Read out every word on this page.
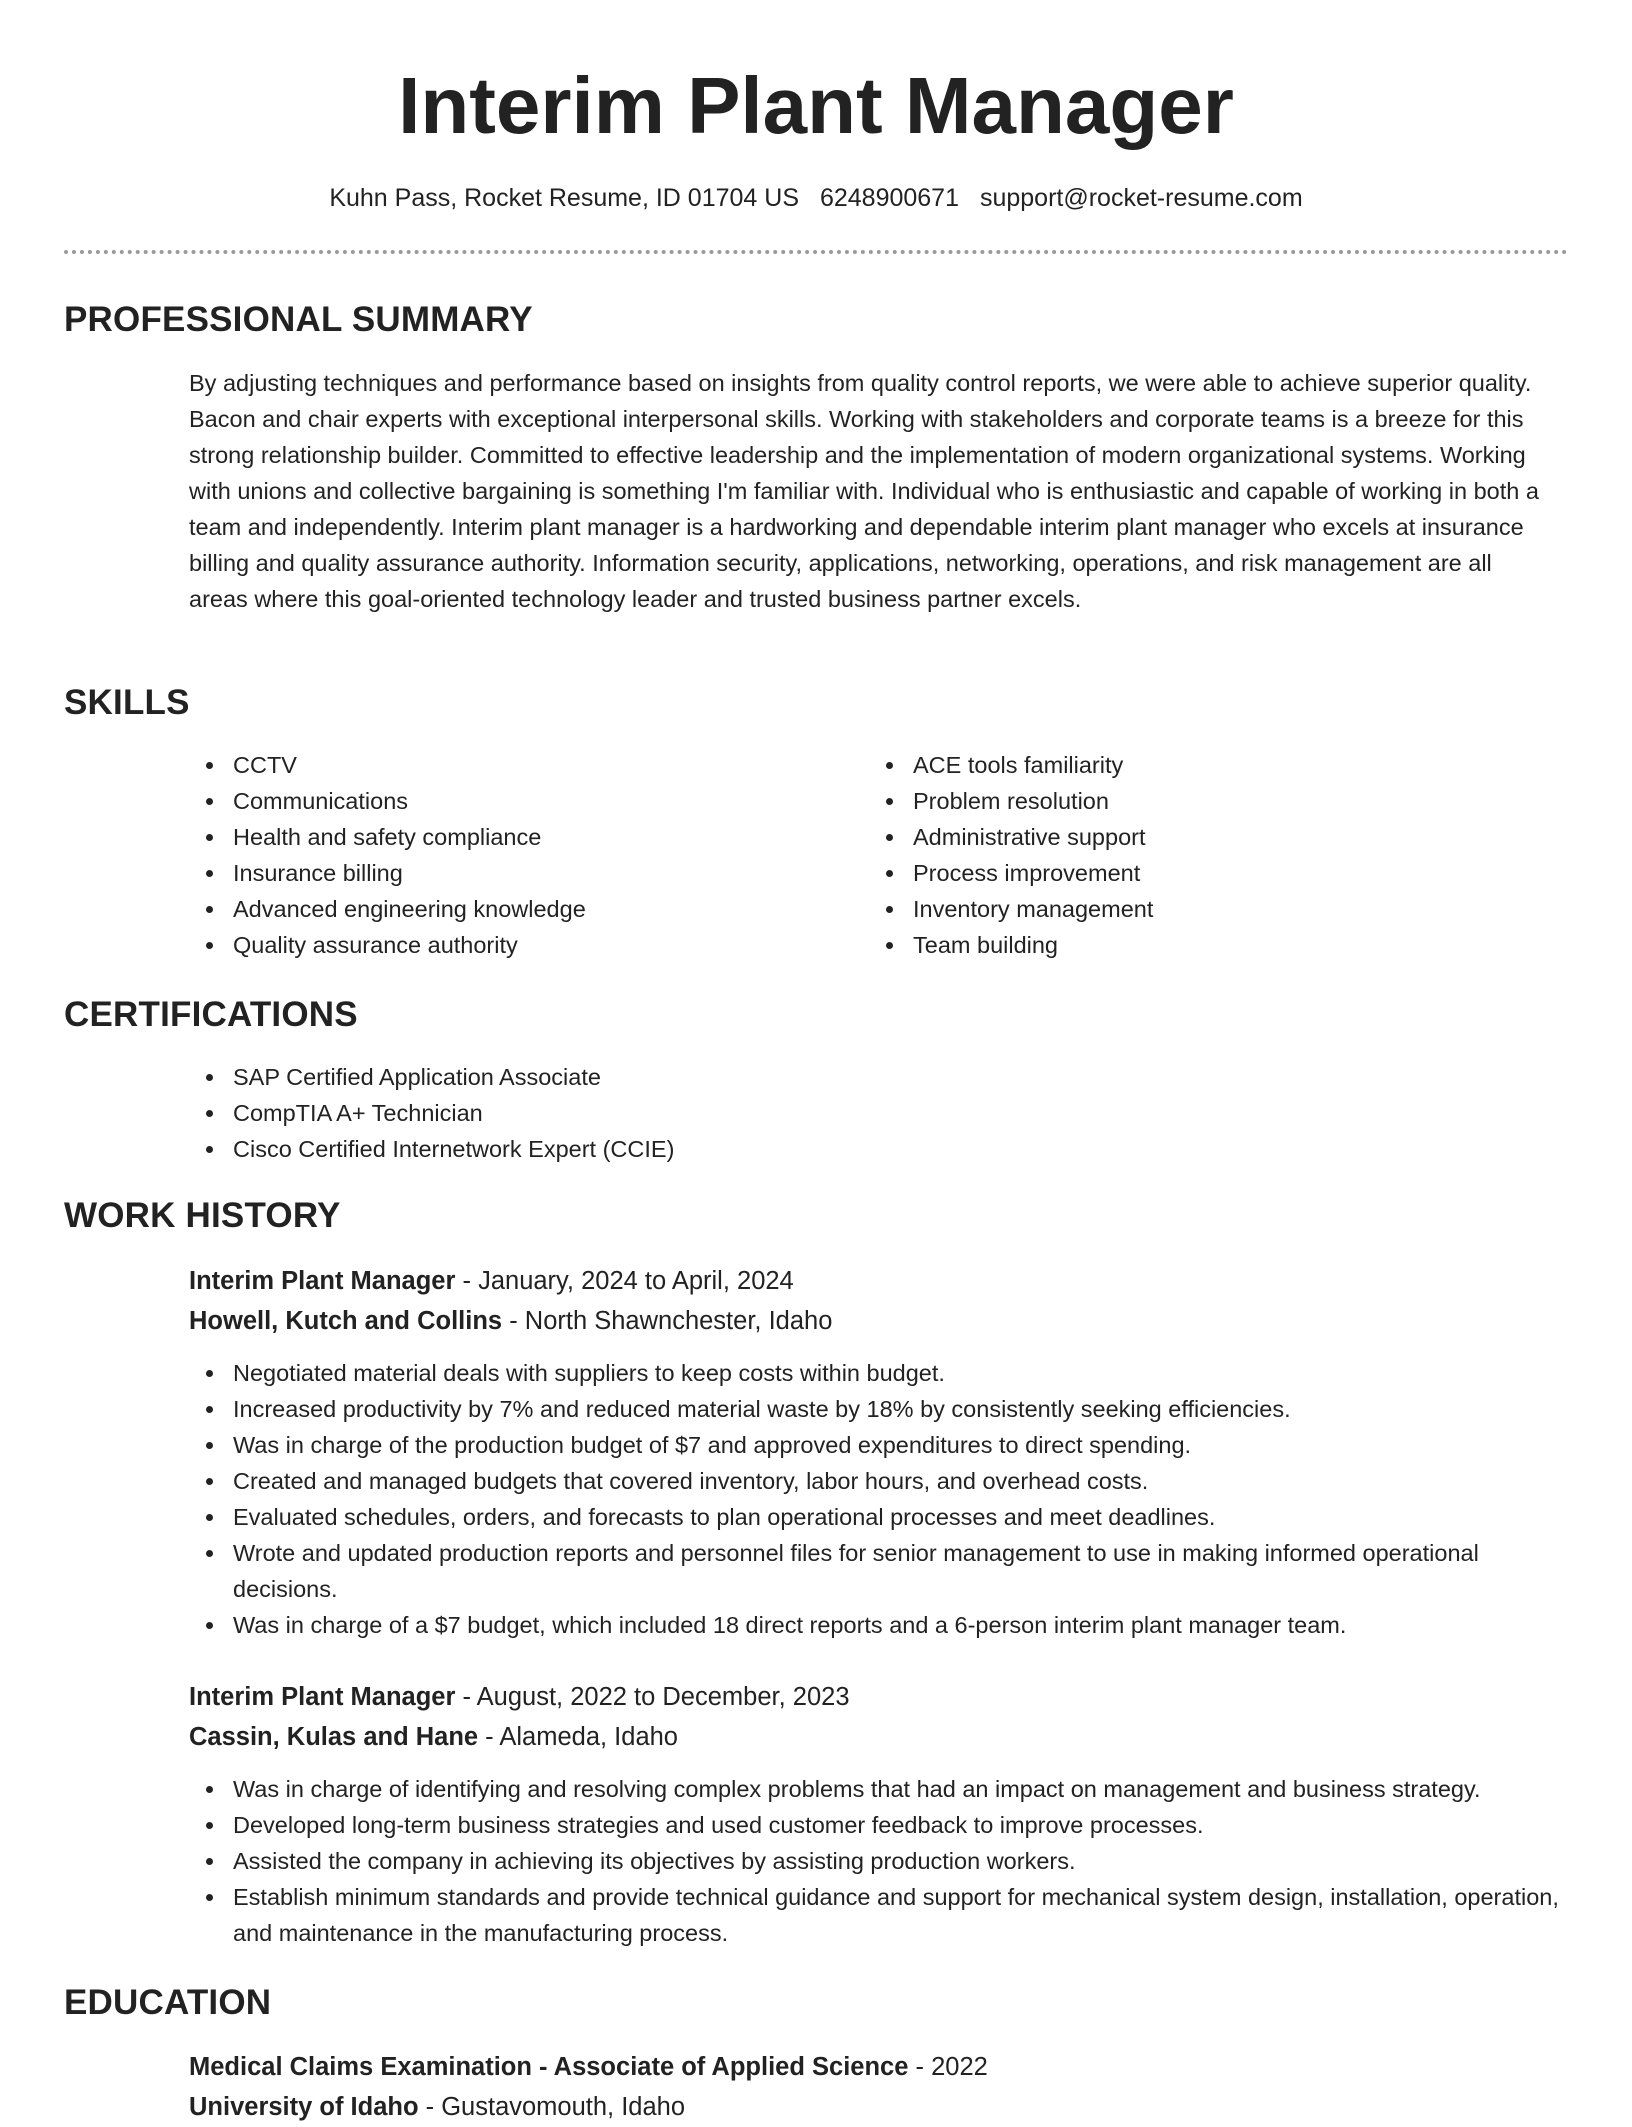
Interim Plant Manager
Kuhn Pass, Rocket Resume, ID 01704 US 6248900671 support@rocket-resume.com
PROFESSIONAL SUMMARY

By adjusting techniques and performance based on insights from quality control reports, we were able to achieve superior quality. Bacon and chair experts with exceptional interpersonal skills. Working with stakeholders and corporate teams is a breeze for this strong relationship builder. Committed to effective leadership and the implementation of modern organizational systems. Working with unions and collective bargaining is something I'm familiar with. Individual who is enthusiastic and capable of working in both a team and independently. Interim plant manager is a hardworking and dependable interim plant manager who excels at insurance billing and quality assurance authority. Information security, applications, networking, operations, and risk management are all areas where this goal-oriented technology leader and trusted business partner excels.

SKILLS
CCTV
Communications
Health and safety compliance
Insurance billing
Advanced engineering knowledge
Quality assurance authority
ACE tools familiarity
Problem resolution
Administrative support
Process improvement
Inventory management
Team building
CERTIFICATIONS
SAP Certified Application Associate
CompTIA A+ Technician
Cisco Certified Internetwork Expert (CCIE)
WORK HISTORY
Interim Plant Manager - January, 2024 to April, 2024
Howell, Kutch and Collins - North Shawnchester, Idaho
Negotiated material deals with suppliers to keep costs within budget.
Increased productivity by 7% and reduced material waste by 18% by consistently seeking efficiencies.
Was in charge of the production budget of $7 and approved expenditures to direct spending.
Created and managed budgets that covered inventory, labor hours, and overhead costs.
Evaluated schedules, orders, and forecasts to plan operational processes and meet deadlines.
Wrote and updated production reports and personnel files for senior management to use in making informed operational decisions.
Was in charge of a $7 budget, which included 18 direct reports and a 6-person interim plant manager team.
Interim Plant Manager - August, 2022 to December, 2023
Cassin, Kulas and Hane - Alameda, Idaho
Was in charge of identifying and resolving complex problems that had an impact on management and business strategy.
Developed long-term business strategies and used customer feedback to improve processes.
Assisted the company in achieving its objectives by assisting production workers.
Establish minimum standards and provide technical guidance and support for mechanical system design, installation, operation, and maintenance in the manufacturing process.
EDUCATION
Medical Claims Examination - Associate of Applied Science - 2022
University of Idaho - Gustavomouth, Idaho
